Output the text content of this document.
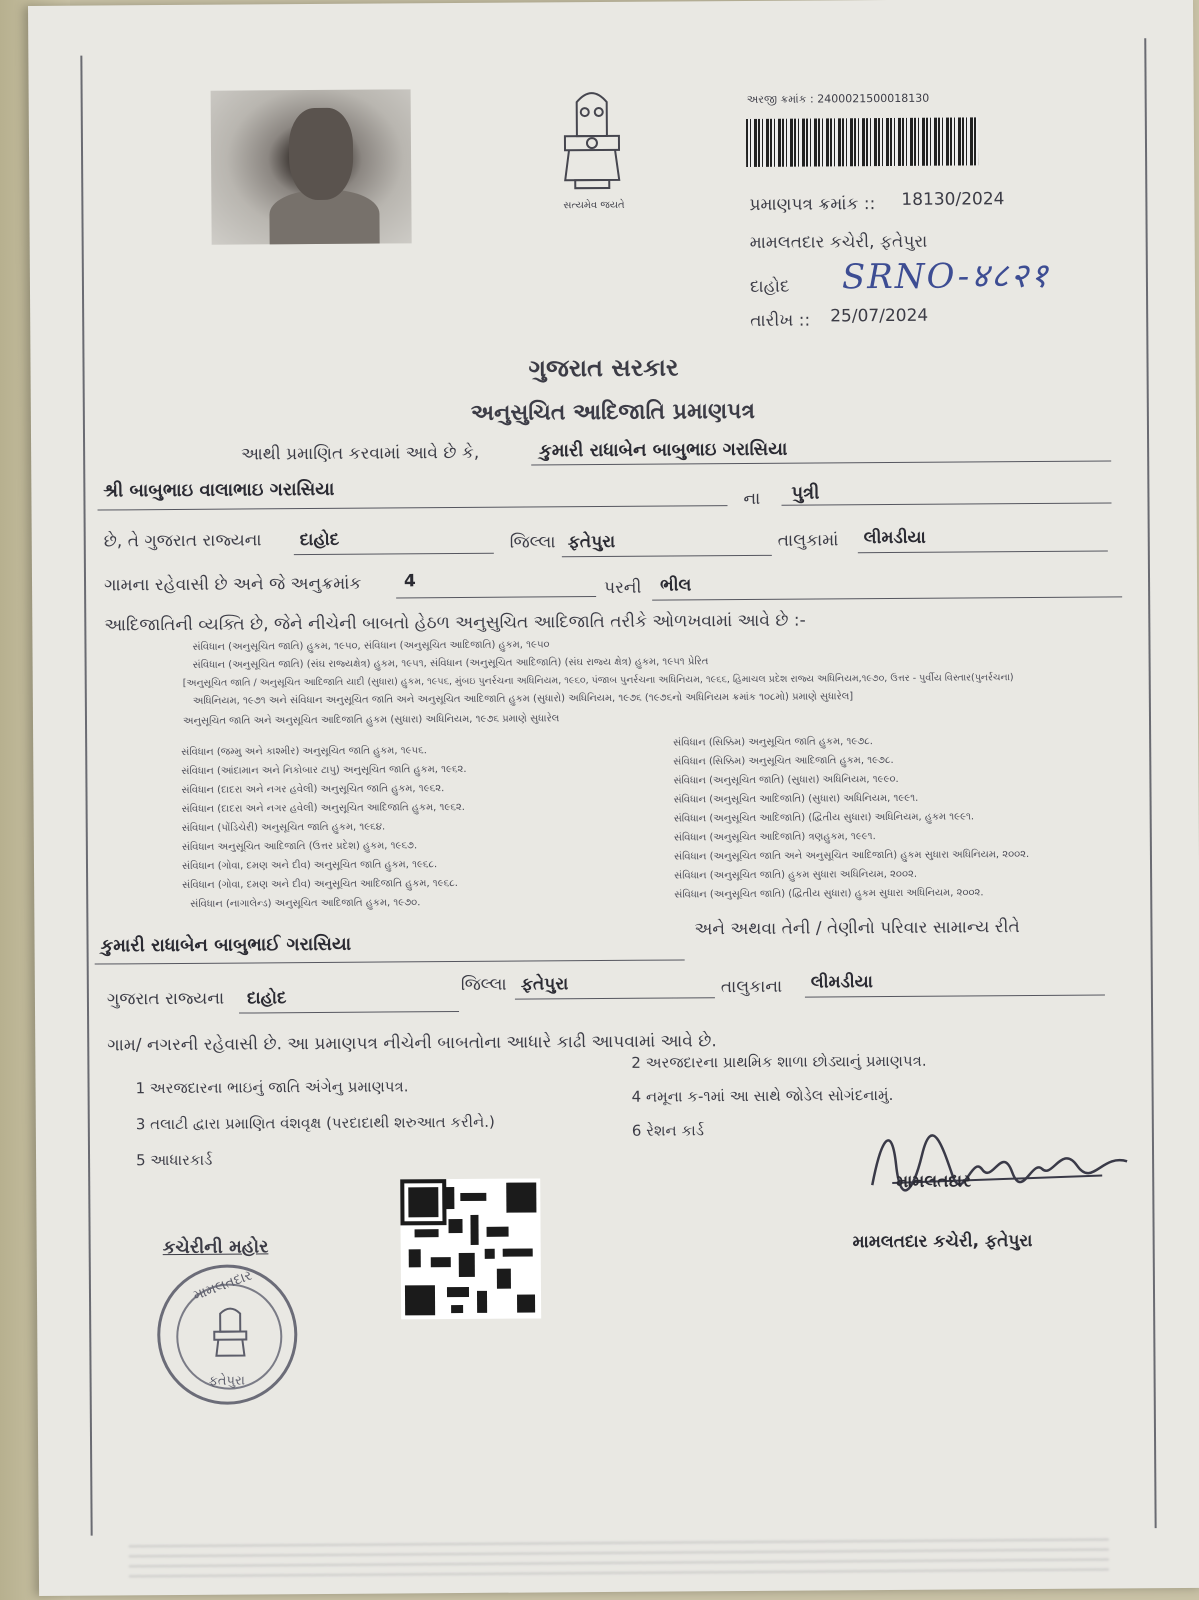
સત્યમેવ જયતે
અરજી ક્રમાંક : 2400021500018130
પ્રમાણપત્ર ક્રમાંક :: 18130/2024
મામલતદાર કચેરી, ફતેપુરા
દાહોદ SRNO-४८२१
તારીખ :: 25/07/2024
ગુજરાત સરકાર
અનુસુચિત આદિજાતિ પ્રમાણપત્ર
આથી પ્રમાણિત કરવામાં આવે છે કે,	કુમારી રાધાબેન બાબુભાઇ ગરાસિયા
શ્રી બાબુભાઇ વાલાભાઇ ગરાસિયા	ના પુત્રી
છે, તે ગુજરાત રાજ્યના દાહોદ	જિલ્લા ફતેપુરા	તાલુકામાં લીમડીયા
ગામના રહેવાસી છે અને જે અનુક્રમાંક	4	પરની ભીલ
આદિજાતિની વ્યક્તિ છે, જેને નીચેની બાબતો હેઠળ અનુસુચિત આદિજાતિ તરીકે ઓળખવામાં આવે છે :-
સંવિધાન (અનુસૂચિત જાતિ) હુકમ, ૧૯૫૦, સંવિધાન (અનુસૂચિત આદિજાતિ) હુકમ, ૧૯૫૦
સંવિધાન (અનુસૂચિત જાતિ) (સંઘ રાજ્યક્ષેત્ર) હુકમ, ૧૯૫૧, સંવિધાન (અનુસૂચિત આદિજાતિ) (સંઘ રાજ્ય ક્ષેત્ર) હુકમ, ૧૯૫૧ પ્રેરિત
[અનુસૂચિત જાતિ / અનુસૂચિત આદિજાતિ યાદી (સુધારા) હુકમ, ૧૯૫૬, મુંબઇ પુનર્રચના અધિનિયમ, ૧૯૬૦, પંજાબ પુનર્રચના અધિનિયમ, ૧૯૬૬, હિમાચલ પ્રદેશ રાજ્ય અધિનિયમ,૧૯૭૦, ઉત્તર - પુર્વીય વિસ્તાર(પુનર્રચના)
અધિનિયમ, ૧૯૭૧ અને સંવિધાન અનુસૂચિત જાતિ અને અનુસૂચિત આદિજાતિ હુકમ (સુધારો) અધિનિયમ, ૧૯૭૬ (૧૯૭૬નો અધિનિયમ ક્રમાંક ૧૦૮મો) પ્રમાણે સુધારેલ]
અનુસૂચિત જાતિ અને અનુસૂચિત આદિજાતિ હુકમ (સુધારા) અધિનિયમ, ૧૯૭૬ પ્રમાણે સુધારેલ
સંવિધાન (જમ્મુ અને કાશ્મીર) અનુસૂચિત જાતિ હુકમ, ૧૯૫૬.
સંવિધાન (આંદામાન અને નિકોબાર ટાપુ) અનુસૂચિત જાતિ હુકમ, ૧૯૬૨.
સંવિધાન (દાદરા અને નગર હવેલી) અનુસૂચિત જાતિ હુકમ, ૧૯૬૨.
સંવિધાન (દાદરા અને નગર હવેલી) અનુસૂચિત આદિજાતિ હુકમ, ૧૯૬૨.
સંવિધાન (પોંડિચેરી) અનુસૂચિત જાતિ હુકમ, ૧૯૬૪.
સંવિધાન અનુસૂચિત આદિજાતિ (ઉત્તર પ્રદેશ) હુકમ, ૧૯૬૭.
સંવિધાન (ગોવા, દમણ અને દીવ) અનુસૂચિત જાતિ હુકમ, ૧૯૬૮.
સંવિધાન (ગોવા, દમણ અને દીવ) અનુસૂચિત આદિજાતિ હુકમ, ૧૯૬૮.
સંવિધાન (નાગાલેન્ડ) અનુસૂચિત આદિજાતિ હુકમ, ૧૯૭૦.
સંવિધાન (સિક્કિમ) અનુસૂચિત જાતિ હુકમ, ૧૯૭૮.
સંવિધાન (સિક્કિમ) અનુસૂચિત આદિજાતિ હુકમ, ૧૯૭૮.
સંવિધાન (અનુસૂચિત જાતિ) (સુધારા) અધિનિયમ, ૧૯૯૦.
સંવિધાન (અનુસૂચિત આદિજાતિ) (સુધારા) અધિનિયમ, ૧૯૯૧.
સંવિધાન (અનુસૂચિત આદિજાતિ) (દ્વિતીય સુધારા) અધિનિયમ, હુકમ ૧૯૯૧.
સંવિધાન (અનુસૂચિત આદિજાતિ) ત્રણહુકમ, ૧૯૯૧.
સંવિધાન (અનુસૂચિત જાતિ અને અનુસૂચિત આદિજાતિ) હુકમ સુધારા અધિનિયમ, ૨૦૦૨.
સંવિધાન (અનુસૂચિત જાતિ) હુકમ સુધારા અધિનિયમ, ૨૦૦૨.
સંવિધાન (અનુસૂચિત જાતિ) (દ્વિતીય સુધારા) હુકમ સુધારા અધિનિયમ, ૨૦૦૨.
કુમારી રાધાબેન બાબુભાઈ ગરાસિયા
અને અથવા તેની / તેણીનો પરિવાર સામાન્ય રીતે
ગુજરાત રાજ્યના દાહોદ
જિલ્લા ફતેપુરા	તાલુકાના લીમડીયા
ગામ/ નગરની રહેવાસી છે. આ પ્રમાણપત્ર નીચેની બાબતોના આધારે કાઢી આપવામાં આવે છે.
1 અરજદારના ભાઇનું જાતિ અંગેનુ પ્રમાણપત્ર.
2 અરજદારના પ્રાથમિક શાળા છોડ્યાનું પ્રમાણપત્ર.
3 તલાટી દ્વારા પ્રમાણિત વંશવૃક્ષ (પરદાદાથી શરુઆત કરીને.)
4 નમૂના ક-૧માં આ સાથે જોડેલ સોગંદનામું.
5 આધારકાર્ડ
6 રેશન કાર્ડ
કચેરીની મહોર
મામલતદાર
ફતેપુરા
મામલતદાર
મામલતદાર કચેરી, ફતેપુરા
